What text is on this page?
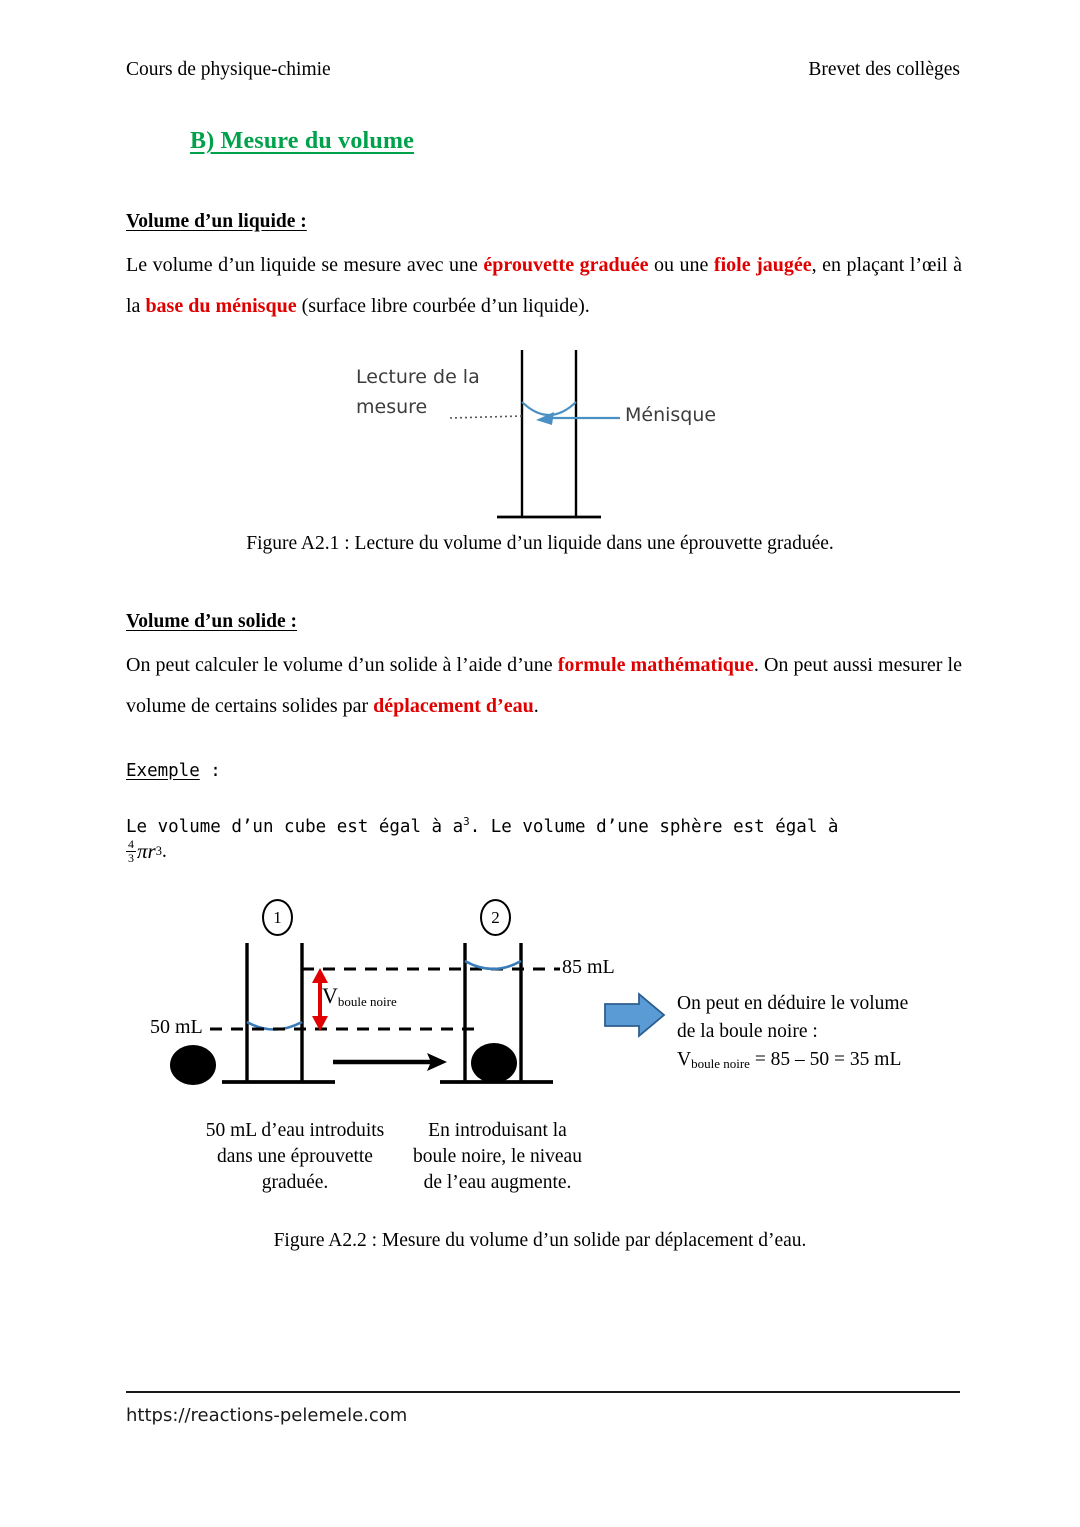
Cours de physique-chimie	Brevet des collèges
B) Mesure du volume
Volume d’un liquide :
Le volume d’un liquide se mesure avec une éprouvette graduée ou une fiole jaugée, en plaçant l’œil à la base du ménisque (surface libre courbée d’un liquide).
Lecture de la mesure	Ménisque
Figure A2.1 : Lecture du volume d’un liquide dans une éprouvette graduée.
Volume d’un solide :
On peut calculer le volume d’un solide à l’aide d’une formule mathématique. On peut aussi mesurer le volume de certains solides par déplacement d’eau.
Exemple :
Le volume d’un cube est égal à $a^3$. Le volume d’une sphère est égal à
$\frac{4}{3}$ π r 3 .
1	2
50 mL
85 mL
Vboule noire	On peut en déduire le volume
de la boule noire :
Vboule noire = 85 – 50 = 35 mL
50 mL d’eau introduits dans une éprouvette graduée.
En introduisant la boule noire, le niveau de l’eau augmente.
Figure A2.2 : Mesure du volume d’un solide par déplacement d’eau.
https://reactions-pelemele.com
